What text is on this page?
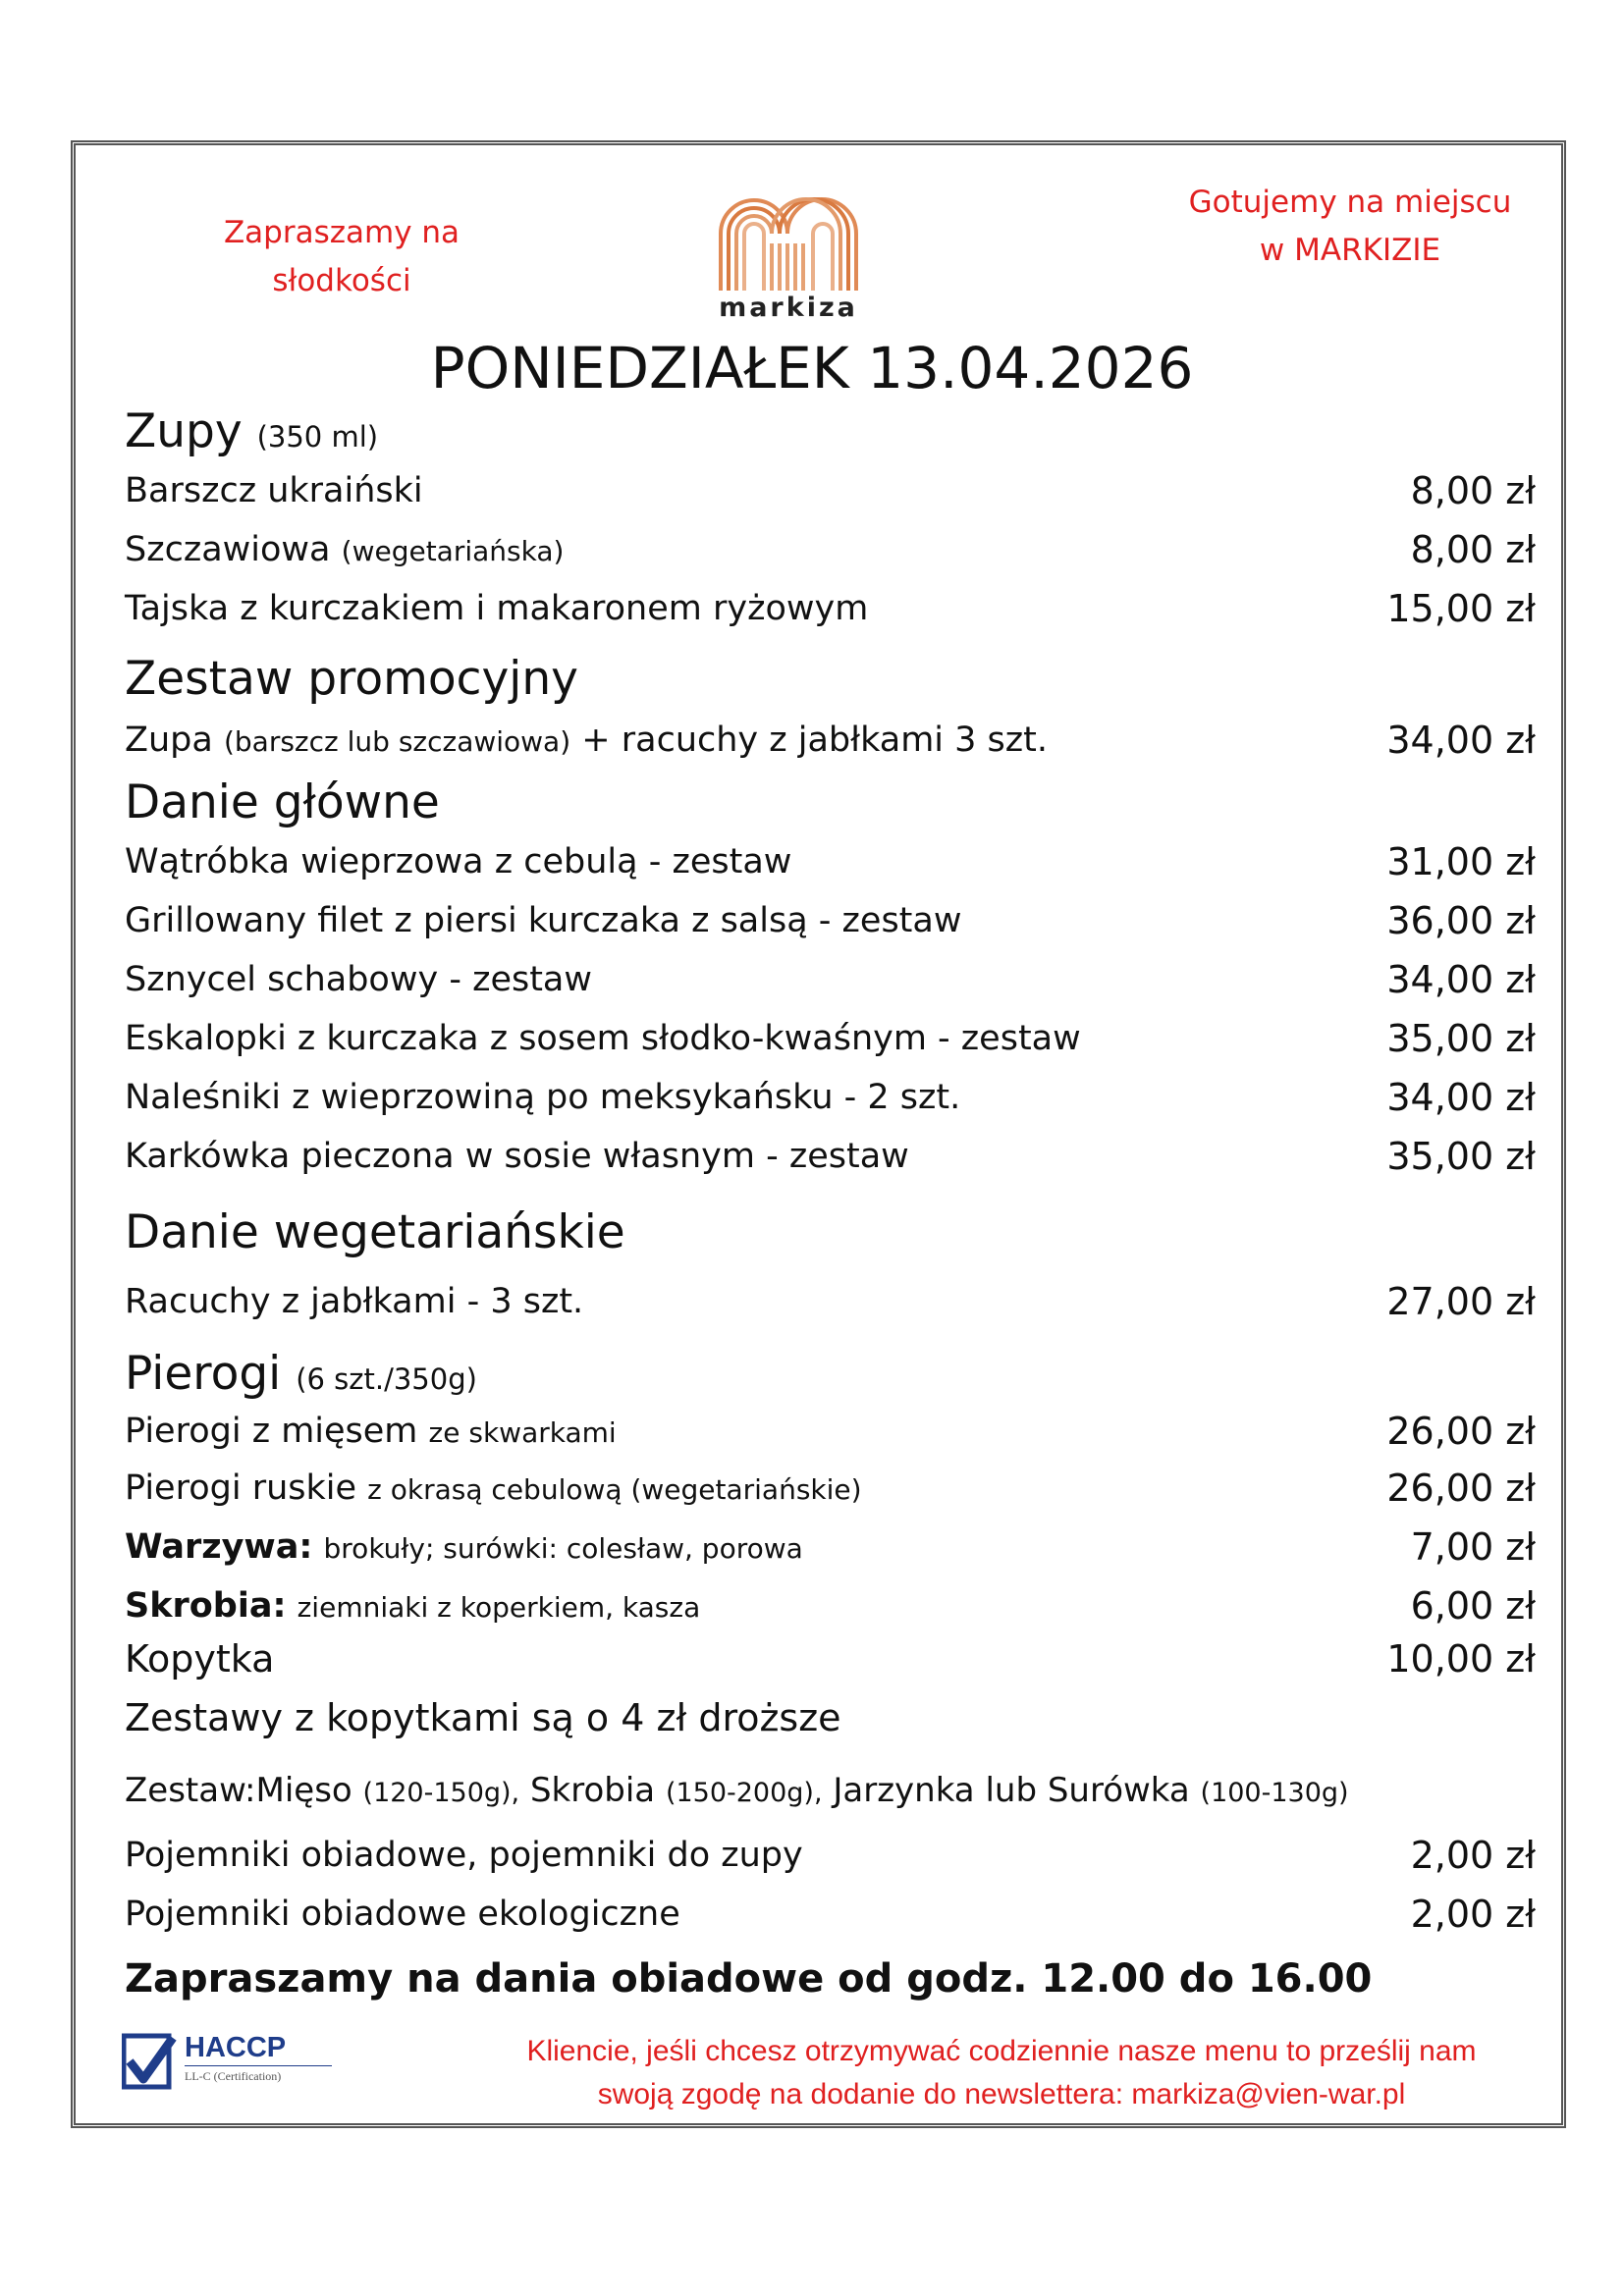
Zapraszamy na
słodkości
markiza
Gotujemy na miejscu
w MARKIZIE
PONIEDZIAŁEK 13.04.2026
Zupy (350 ml)
Barszcz ukraiński	8,00 zł
Szczawiowa (wegetariańska)	8,00 zł
Tajska z kurczakiem i makaronem ryżowym	15,00 zł
Zestaw promocyjny
Zupa (barszcz lub szczawiowa) + racuchy z jabłkami 3 szt.	34,00 zł
Danie główne
Wątróbka wieprzowa z cebulą - zestaw	31,00 zł
Grillowany filet z piersi kurczaka z salsą - zestaw	36,00 zł
Sznycel schabowy - zestaw	34,00 zł
Eskalopki z kurczaka z sosem słodko-kwaśnym - zestaw	35,00 zł
Naleśniki z wieprzowiną po meksykańsku - 2 szt.	34,00 zł
Karkówka pieczona w sosie własnym - zestaw	35,00 zł
Danie wegetariańskie
Racuchy z jabłkami - 3 szt.	27,00 zł
Pierogi (6 szt./350g)
Pierogi z mięsem ze skwarkami	26,00 zł
Pierogi ruskie z okrasą cebulową (wegetariańskie)	26,00 zł
Warzywa: brokuły; surówki: colesław, porowa	7,00 zł
Skrobia: ziemniaki z koperkiem, kasza	6,00 zł
Kopytka	10,00 zł
Zestawy z kopytkami są o 4 zł droższe
Zestaw:Mięso (120-150g), Skrobia (150-200g), Jarzynka lub Surówka (100-130g)
Pojemniki obiadowe, pojemniki do zupy	2,00 zł
Pojemniki obiadowe ekologiczne	2,00 zł
Zapraszamy na dania obiadowe od godz. 12.00 do 16.00
HACCP
LL-C (Certification)
Kliencie, jeśli chcesz otrzymywać codziennie nasze menu to prześlij nam
swoją zgodę na dodanie do newslettera: markiza@vien-war.pl
